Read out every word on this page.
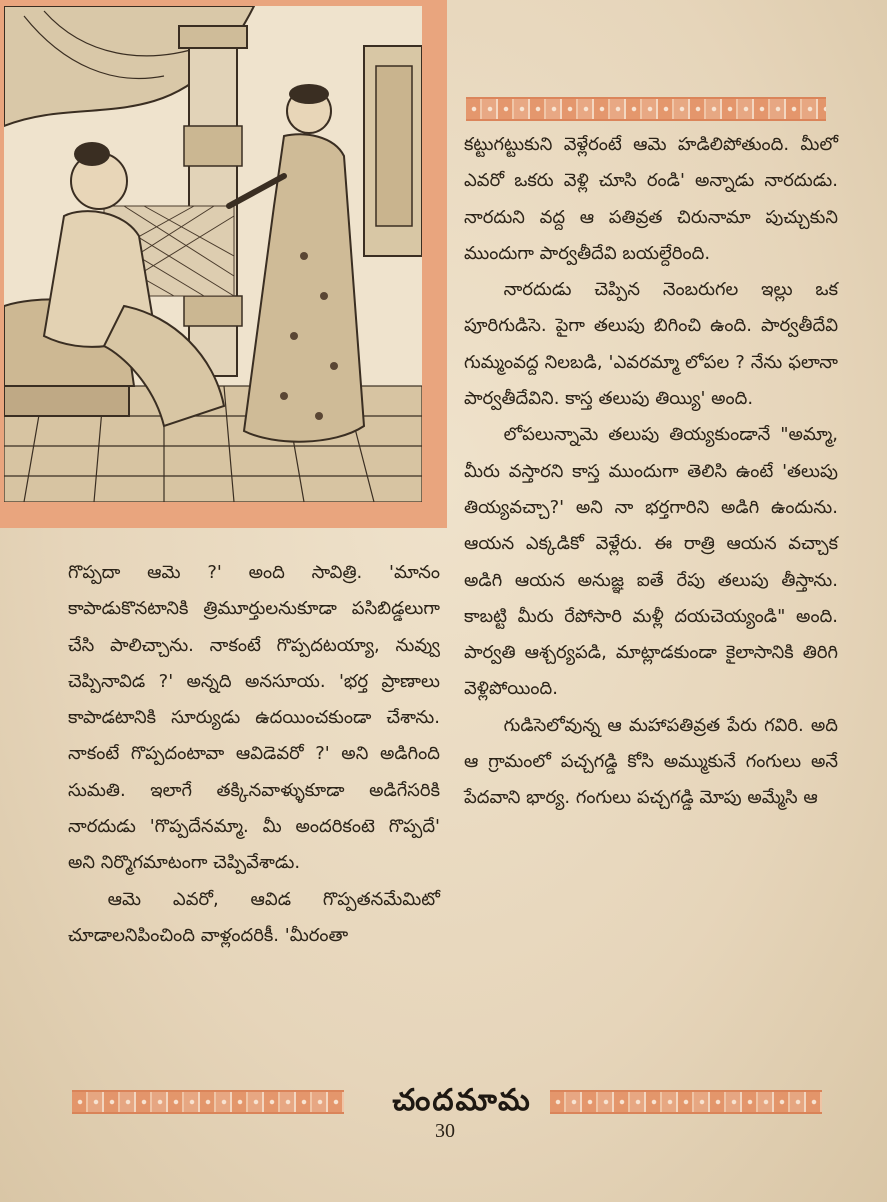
కట్టుగట్టుకుని వెళ్లేరంటే ఆమె హడిలిపోతుంది. మీలో ఎవరో ఒకరు వెళ్లి చూసి రండి' అన్నాడు నారదుడు. నారదుని వద్ద ఆ పతివ్రత చిరునామా పుచ్చుకుని ముందుగా పార్వతీదేవి బయల్దేరింది.

నారదుడు చెప్పిన నెంబరుగల ఇల్లు ఒక పూరిగుడిసె. పైగా తలుపు బిగించి ఉంది. పార్వతీదేవి గుమ్మంవద్ద నిలబడి, 'ఎవరమ్మా లోపల ? నేను ఫలానా పార్వతీదేవిని. కాస్త తలుపు తియ్యి' అంది.

లోపలున్నామె తలుపు తియ్యకుండానే "అమ్మా, మీరు వస్తారని కాస్త ముందుగా తెలిసి ఉంటే 'తలుపు తియ్యవచ్చా?' అని నా భర్తగారిని అడిగి ఉందును. ఆయన ఎక్కడికో వెళ్లేరు. ఈ రాత్రి ఆయన వచ్చాక అడిగి ఆయన అనుజ్ఞ ఐతే రేపు తలుపు తీస్తాను. కాబట్టి మీరు రేపోసారి మళ్లీ దయచెయ్యండి" అంది. పార్వతి ఆశ్చర్యపడి, మాట్లాడకుండా కైలాసానికి తిరిగి వెళ్లిపోయింది.

గుడిసెలోవున్న ఆ మహాపతివ్రత పేరు గవిరి. అది ఆ గ్రామంలో పచ్చగడ్డి కోసి అమ్ముకునే గంగులు అనే పేదవాని భార్య. గంగులు పచ్చగడ్డి మోపు అమ్మేసి ఆ

గొప్పదా ఆమె ?' అంది సావిత్రి. 'మానం కాపాడుకొనటానికి త్రిమూర్తులనుకూడా పసిబిడ్డలుగా చేసి పాలిచ్చాను. నాకంటే గొప్పదటయ్యా, నువ్వు చెప్పినావిడ ?' అన్నది అనసూయ. 'భర్త ప్రాణాలు కాపాడటానికి సూర్యుడు ఉదయించకుండా చేశాను. నాకంటే గొప్పదంటావా ఆవిడెవరో ?' అని అడిగింది సుమతి. ఇలాగే తక్కినవాళ్ళుకూడా అడిగేసరికి నారదుడు 'గొప్పదేనమ్మా. మీ అందరికంటె గొప్పదే' అని నిర్మొగమాటంగా చెప్పివేశాడు.

ఆమె ఎవరో, ఆవిడ గొప్పతనమేమిటో చూడాలనిపించింది వాళ్లందరికీ. 'మీరంతా

చందమామ
30
